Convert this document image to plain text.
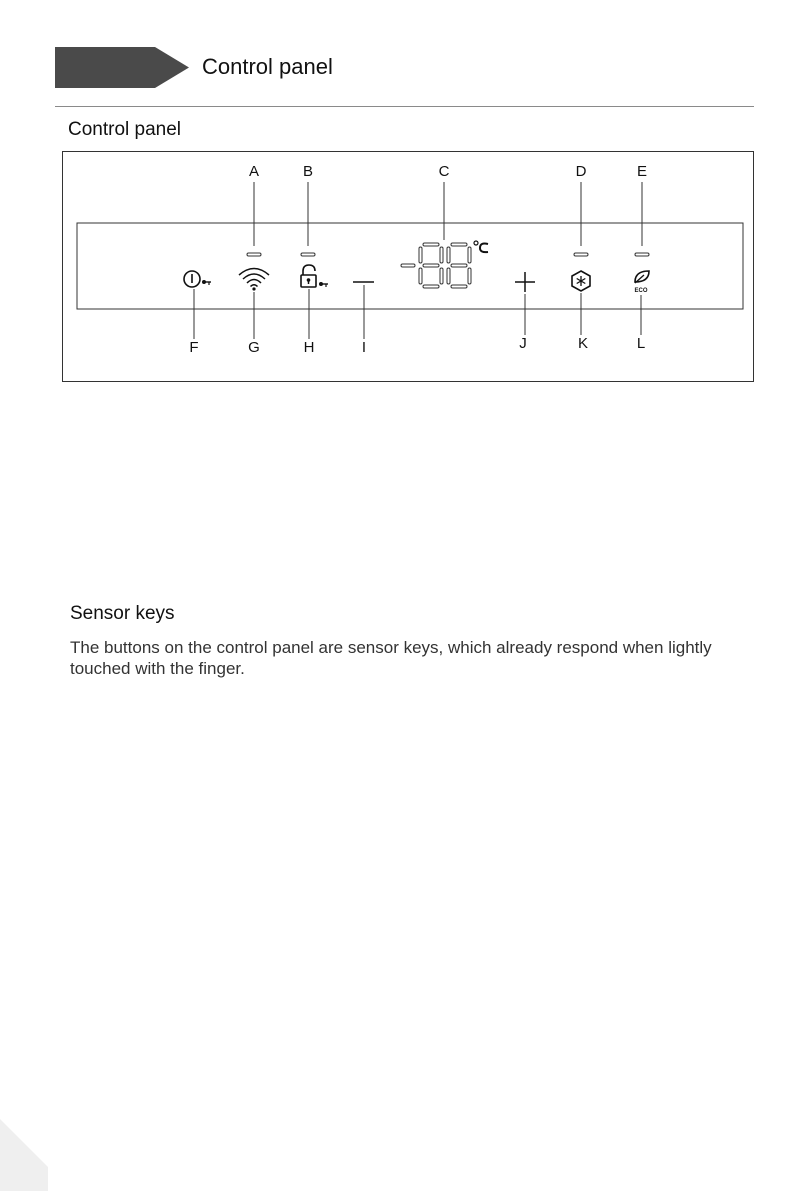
Control panel
Control panel
A	B	C	D	E
ECO
F	G	H	I	J	K	L
Sensor keys
The buttons on the control panel are sensor keys, which already respond when lightly touched with the finger.
